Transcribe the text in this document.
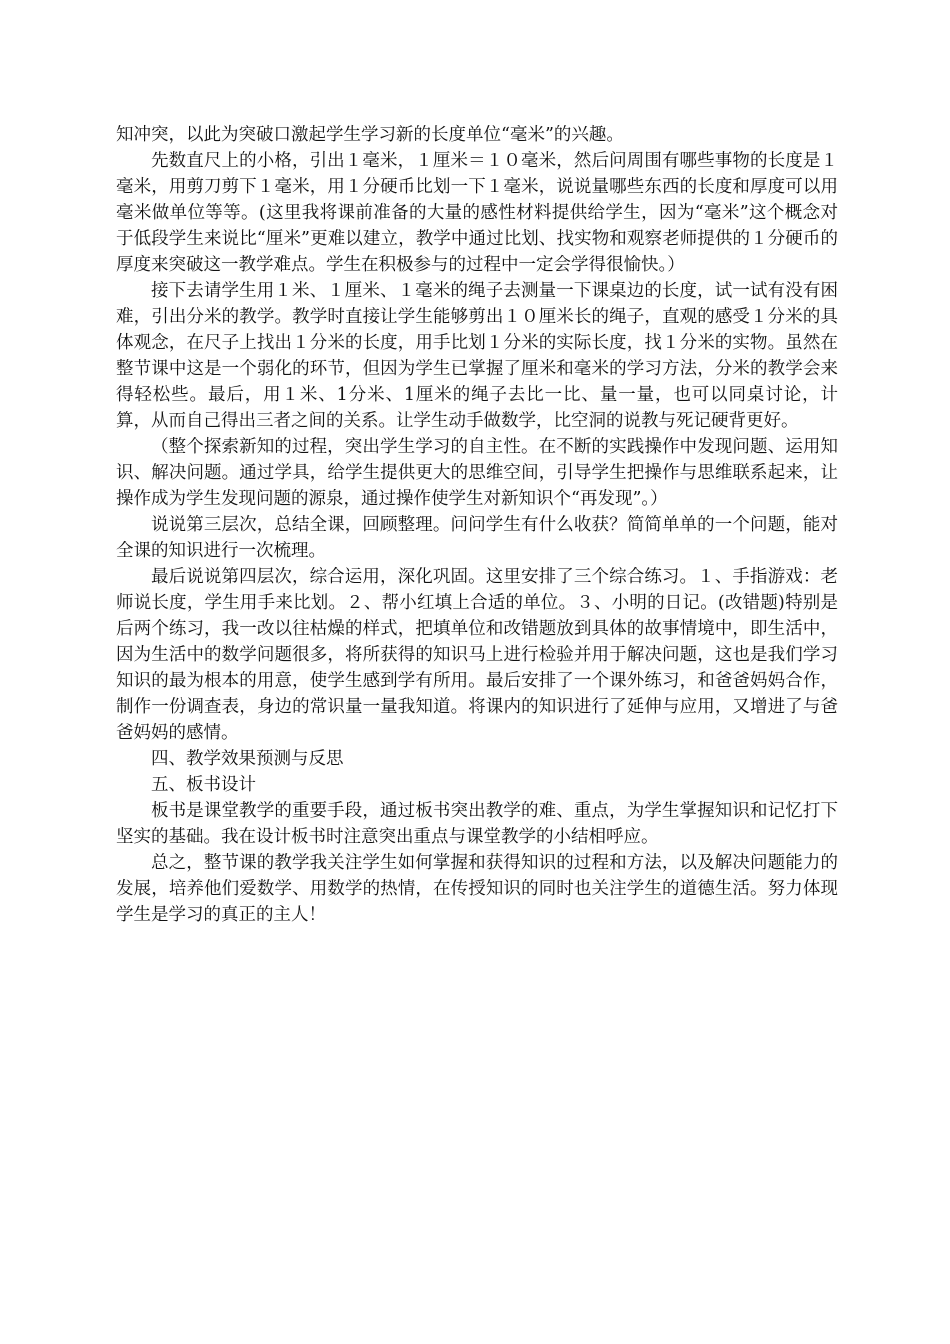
知冲突，以此为突破口激起学生学习新的长度单位“毫米”的兴趣。

先数直尺上的小格，引出１毫米，１厘米＝１０毫米，然后问周围有哪些事物的长度是１毫米，用剪刀剪下１毫米，用１分硬币比划一下１毫米，说说量哪些东西的长度和厚度可以用毫米做单位等等。(这里我将课前准备的大量的感性材料提供给学生，因为“毫米”这个概念对于低段学生来说比“厘米”更难以建立，教学中通过比划、找实物和观察老师提供的１分硬币的厚度来突破这一教学难点。学生在积极参与的过程中一定会学得很愉快。）

接下去请学生用１米、１厘米、１毫米的绳子去测量一下课桌边的长度，试一试有没有困难，引出分米的教学。教学时直接让学生能够剪出１０厘米长的绳子，直观的感受１分米的具体观念，在尺子上找出１分米的长度，用手比划１分米的实际长度，找１分米的实物。虽然在整节课中这是一个弱化的环节，但因为学生已掌握了厘米和毫米的学习方法，分米的教学会来得轻松些。最后，用１米、1分米、1厘米的绳子去比一比、量一量，也可以同桌讨论，计算，从而自己得出三者之间的关系。让学生动手做数学，比空洞的说教与死记硬背更好。

（整个探索新知的过程，突出学生学习的自主性。在不断的实践操作中发现问题、运用知识、解决问题。通过学具，给学生提供更大的思维空间，引导学生把操作与思维联系起来，让操作成为学生发现问题的源泉，通过操作使学生对新知识个“再发现”。）

说说第三层次，总结全课，回顾整理。问问学生有什么收获？简简单单的一个问题，能对全课的知识进行一次梳理。

最后说说第四层次，综合运用，深化巩固。这里安排了三个综合练习。１、手指游戏：老师说长度，学生用手来比划。２、帮小红填上合适的单位。３、小明的日记。(改错题)特别是后两个练习，我一改以往枯燥的样式，把填单位和改错题放到具体的故事情境中，即生活中，因为生活中的数学问题很多，将所获得的知识马上进行检验并用于解决问题，这也是我们学习知识的最为根本的用意，使学生感到学有所用。最后安排了一个课外练习，和爸爸妈妈合作，制作一份调查表，身边的常识量一量我知道。将课内的知识进行了延伸与应用，又增进了与爸爸妈妈的感情。

四、教学效果预测与反思

五、板书设计

板书是课堂教学的重要手段，通过板书突出教学的难、重点，为学生掌握知识和记忆打下坚实的基础。我在设计板书时注意突出重点与课堂教学的小结相呼应。

总之，整节课的教学我关注学生如何掌握和获得知识的过程和方法，以及解决问题能力的发展，培养他们爱数学、用数学的热情，在传授知识的同时也关注学生的道德生活。努力体现学生是学习的真正的主人！
